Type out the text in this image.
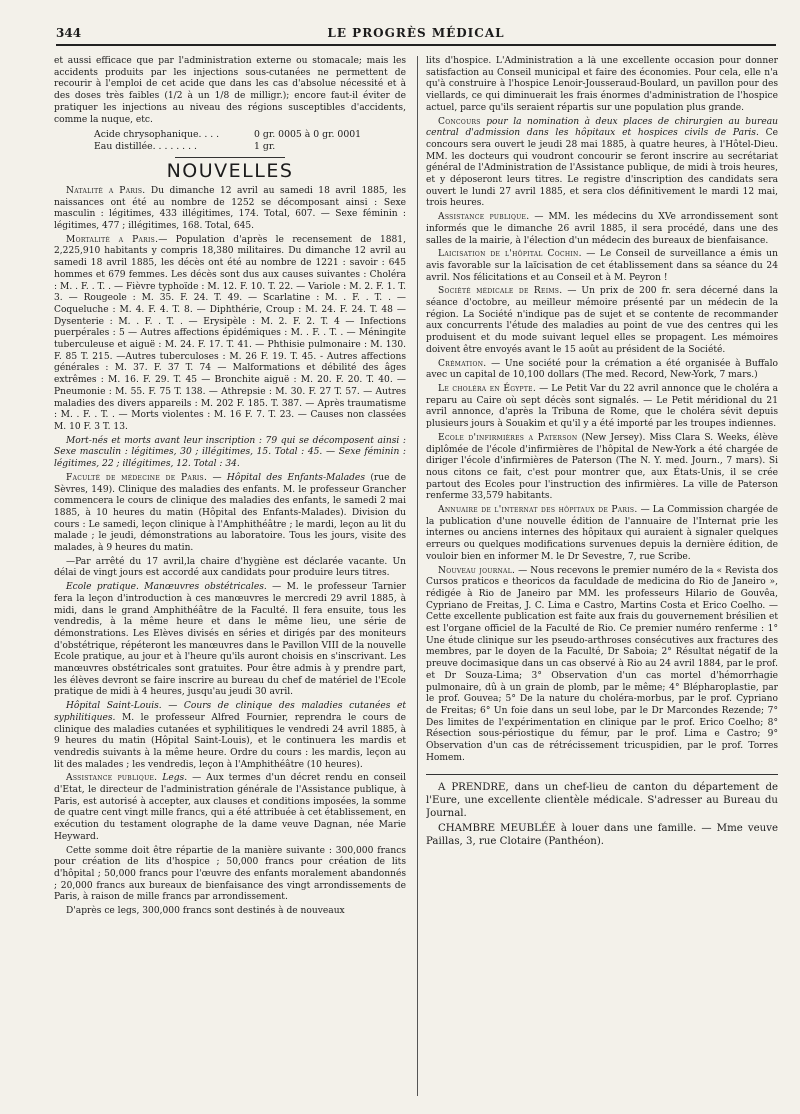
344	LE PROGRÈS MÉDICAL

et aussi efficace que par l'administration externe ou stomacale; mais les accidents produits par les injections sous-cutanées ne permettent de recourir à l'emploi de cet acide que dans les cas d'absolue nécessité et à des doses très faibles (1/2 à un 1/8 de milligr.); encore faut-il éviter de pratiquer les injections au niveau des régions susceptibles d'accidents, comme la nuque, etc.

Acide chrysophanique. . . .	0 gr. 0005 à 0 gr. 0001
Eau distillée. . . . . . . .	1 gr.
NOUVELLES

Natalité a Paris. Du dimanche 12 avril au samedi 18 avril 1885, les naissances ont été au nombre de 1252 se décomposant ainsi : Sexe masculin : légitimes, 433 illégitimes, 174. Total, 607. — Sexe féminin : légitimes, 477 ; illégitimes, 168. Total, 645.

Mortalité a Paris.— Population d'après le recensement de 1881, 2,225,910 habitants y compris 18,380 militaires. Du dimanche 12 avril au samedi 18 avril 1885, les décès ont été au nombre de 1221 : savoir : 645 hommes et 679 femmes. Les décès sont dus aux causes suivantes : Choléra : M. . F. . T. . — Fièvre typhoïde : M. 12. F. 10. T. 22. — Variole : M. 2. F. 1. T. 3. — Rougeole : M. 35. F. 24. T. 49. — Scarlatine : M. . F. . T. . — Coqueluche : M. 4. F. 4. T. 8. — Diphthérie, Croup : M. 24. F. 24. T. 48 — Dysenterie : M. . F. . T. . — Erysipèle : M. 2. F. 2. T. 4 — Infections puerpérales : 5 — Autres affections épidémiques : M. . F. . T. . — Méningite tuberculeuse et aiguë : M. 24. F. 17. T. 41. — Phthisie pulmonaire : M. 130. F. 85 T. 215. —Autres tuberculoses : M. 26 F. 19. T. 45. - Autres affections générales : M. 37. F. 37 T. 74 — Malformations et débilité des âges extrêmes : M. 16. F. 29. T. 45 — Bronchite aiguë : M. 20. F. 20. T. 40. — Pneumonie : M. 55. F. 75 T. 138. — Athrepsie : M. 30. F. 27 T. 57. — Autres maladies des divers appareils : M. 202 F. 185. T. 387. — Après traumatisme : M. . F. . T. . — Morts violentes : M. 16 F. 7. T. 23. — Causes non classées M. 10 F. 3 T. 13.

Mort-nés et morts avant leur inscription : 79 qui se décomposent ainsi : Sexe masculin : légitimes, 30 ; illégitimes, 15. Total : 45. — Sexe féminin : légitimes, 22 ; illégitimes, 12. Total : 34.

Faculté de médecine de Paris. — Hôpital des Enfants-Malades (rue de Sèvres, 149). Clinique des maladies des enfants. M. le professeur Grancher commencera le cours de clinique des maladies des enfants, le samedi 2 mai 1885, à 10 heures du matin (Hôpital des Enfants-Malades). Division du cours : Le samedi, leçon clinique à l'Amphithéâtre ; le mardi, leçon au lit du malade ; le jeudi, démonstrations au laboratoire. Tous les jours, visite des malades, à 9 heures du matin.

—Par arrêté du 17 avril,la chaire d'hygiène est déclarée vacante. Un délai de vingt jours est accordé aux candidats pour produire leurs titres.

Ecole pratique. Manœuvres obstétricales. — M. le professeur Tarnier fera la leçon d'introduction à ces manœuvres le mercredi 29 avril 1885, à midi, dans le grand Amphithéâtre de la Faculté. Il fera ensuite, tous les vendredis, à la même heure et dans le même lieu, une série de démonstrations. Les Elèves divisés en séries et dirigés par des moniteurs d'obstétrique, répéteront les manœuvres dans le Pavillon VIII de la nouvelle Ecole pratique, au jour et à l'heure qu'ils auront choisis en s'inscrivant. Les manœuvres obstétricales sont gratuites. Pour être admis à y prendre part, les élèves devront se faire inscrire au bureau du chef de matériel de l'Ecole pratique de midi à 4 heures, jusqu'au jeudi 30 avril.

Hôpital Saint-Louis. — Cours de clinique des maladies cutanées et syphilitiques. M. le professeur Alfred Fournier, reprendra le cours de clinique des maladies cutanées et syphilitiques le vendredi 24 avril 1885, à 9 heures du matin (Hôpital Saint-Louis), et le continuera les mardis et vendredis suivants à la même heure. Ordre du cours : les mardis, leçon au lit des malades ; les vendredis, leçon à l'Amphithéâtre (10 heures).

Assistance publique. Legs. — Aux termes d'un décret rendu en conseil d'Etat, le directeur de l'administration générale de l'Assistance publique, à Paris, est autorisé à accepter, aux clauses et conditions imposées, la somme de quatre cent vingt mille francs, qui a été attribuée à cet établissement, en exécution du testament olographe de la dame veuve Dagnan, née Marie Heyward.

Cette somme doit être répartie de la manière suivante : 300,000 francs pour création de lits d'hospice ; 50,000 francs pour création de lits d'hôpital ; 50,000 francs pour l'œuvre des enfants moralement abandonnés ; 20,000 francs aux bureaux de bienfaisance des vingt arrondissements de Paris, à raison de mille francs par arrondissement.

D'après ce legs, 300,000 francs sont destinés à de nouveaux

lits d'hospice. L'Administration a là une excellente occasion pour donner satisfaction au Conseil municipal et faire des économies. Pour cela, elle n'a qu'à construire à l'hospice Lenoir-Jousseraud-Boulard, un pavillon pour des viellards, ce qui diminuerait les frais énormes d'administration de l'hospice actuel, parce qu'ils seraient répartis sur une population plus grande.

Concours pour la nomination à deux places de chirurgien au bureau central d'admission dans les hôpitaux et hospices civils de Paris. Ce concours sera ouvert le jeudi 28 mai 1885, à quatre heures, à l'Hôtel-Dieu. MM. les docteurs qui voudront concourir se feront inscrire au secrétariat général de l'Administration de l'Assistance publique, de midi à trois heures, et y déposeront leurs titres. Le registre d'inscription des candidats sera ouvert le lundi 27 avril 1885, et sera clos définitivement le mardi 12 mai, trois heures.

Assistance publique. — MM. les médecins du XVe arrondissement sont informés que le dimanche 26 avril 1885, il sera procédé, dans une des salles de la mairie, à l'élection d'un médecin des bureaux de bienfaisance.

Laicisation de l'hôpital Cochin. — Le Conseil de surveillance a émis un avis favorable sur la laïcisation de cet établissement dans sa séance du 24 avril. Nos félicitations et au Conseil et à M. Peyron !

Société médicale de Reims. — Un prix de 200 fr. sera décerné dans la séance d'octobre, au meilleur mémoire présenté par un médecin de la région. La Société n'indique pas de sujet et se contente de recommander aux concurrents l'étude des maladies au point de vue des centres qui les produisent et du mode suivant lequel elles se propagent. Les mémoires doivent être envoyés avant le 15 août au président de la Société.

Crémation. — Une société pour la crémation a été organisée à Buffalo avec un capital de 10,100 dollars (The med. Record, New-York, 7 mars.)

Le choléra en Égypte. — Le Petit Var du 22 avril annonce que le choléra a reparu au Caire où sept décès sont signalés. — Le Petit méridional du 21 avril annonce, d'après la Tribuna de Rome, que le choléra sévit depuis plusieurs jours à Souakim et qu'il y a été importé par les troupes indiennes.

Ecole d'infirmières a Paterson (New Jersey). Miss Clara S. Weeks, élève diplômée de l'école d'infirmières de l'hôpital de New-York a été chargée de diriger l'école d'infirmières de Paterson (The N. Y. med. Journ., 7 mars). Si nous citons ce fait, c'est pour montrer que, aux États-Unis, il se crée partout des Ecoles pour l'instruction des infirmières. La ville de Paterson renferme 33,579 habitants.

Annuaire de l'internat des hôpitaux de Paris. — La Commission chargée de la publication d'une nouvelle édition de l'annuaire de l'Internat prie les internes ou anciens internes des hôpitaux qui auraient à signaler quelques erreurs ou quelques modifications survenues depuis la dernière édition, de vouloir bien en informer M. le Dr Sevestre, 7, rue Scribe.

Nouveau journal. — Nous recevons le premier numéro de la « Revista dos Cursos praticos e theoricos da faculdade de medicina do Rio de Janeiro », rédigée à Rio de Janeiro par MM. les professeurs Hilario de Gouvêa, Cypriano de Freitas, J. C. Lima e Castro, Martins Costa et Erico Coelho. — Cette excellente publication est faite aux frais du gouvernement brésilien et est l'organe officiel de la Faculté de Rio. Ce premier numéro renferme : 1° Une étude clinique sur les pseudo-arthroses consécutives aux fractures des membres, par le doyen de la Faculté, Dr Saboia; 2° Résultat négatif de la preuve docimasique dans un cas observé à Rio au 24 avril 1884, par le prof. et Dr Souza-Lima; 3° Observation d'un cas mortel d'hémorrhagie pulmonaire, dû à un grain de plomb, par le même; 4° Blépharoplastie, par le prof. Gouvea; 5° De la nature du choléra-morbus, par le prof. Cypriano de Freitas; 6° Un foie dans un seul lobe, par le Dr Marcondes Rezende; 7° Des limites de l'expérimentation en clinique par le prof. Erico Coelho; 8° Résection sous-périostique du fémur, par le prof. Lima e Castro; 9° Observation d'un cas de rétrécissement tricuspidien, par le prof. Torres Homem.

A PRENDRE, dans un chef-lieu de canton du département de l'Eure, une excellente clientèle médicale. S'adresser au Bureau du Journal.

CHAMBRE MEUBLÉE à louer dans une famille. — Mme veuve Paillas, 3, rue Clotaire (Panthéon).
